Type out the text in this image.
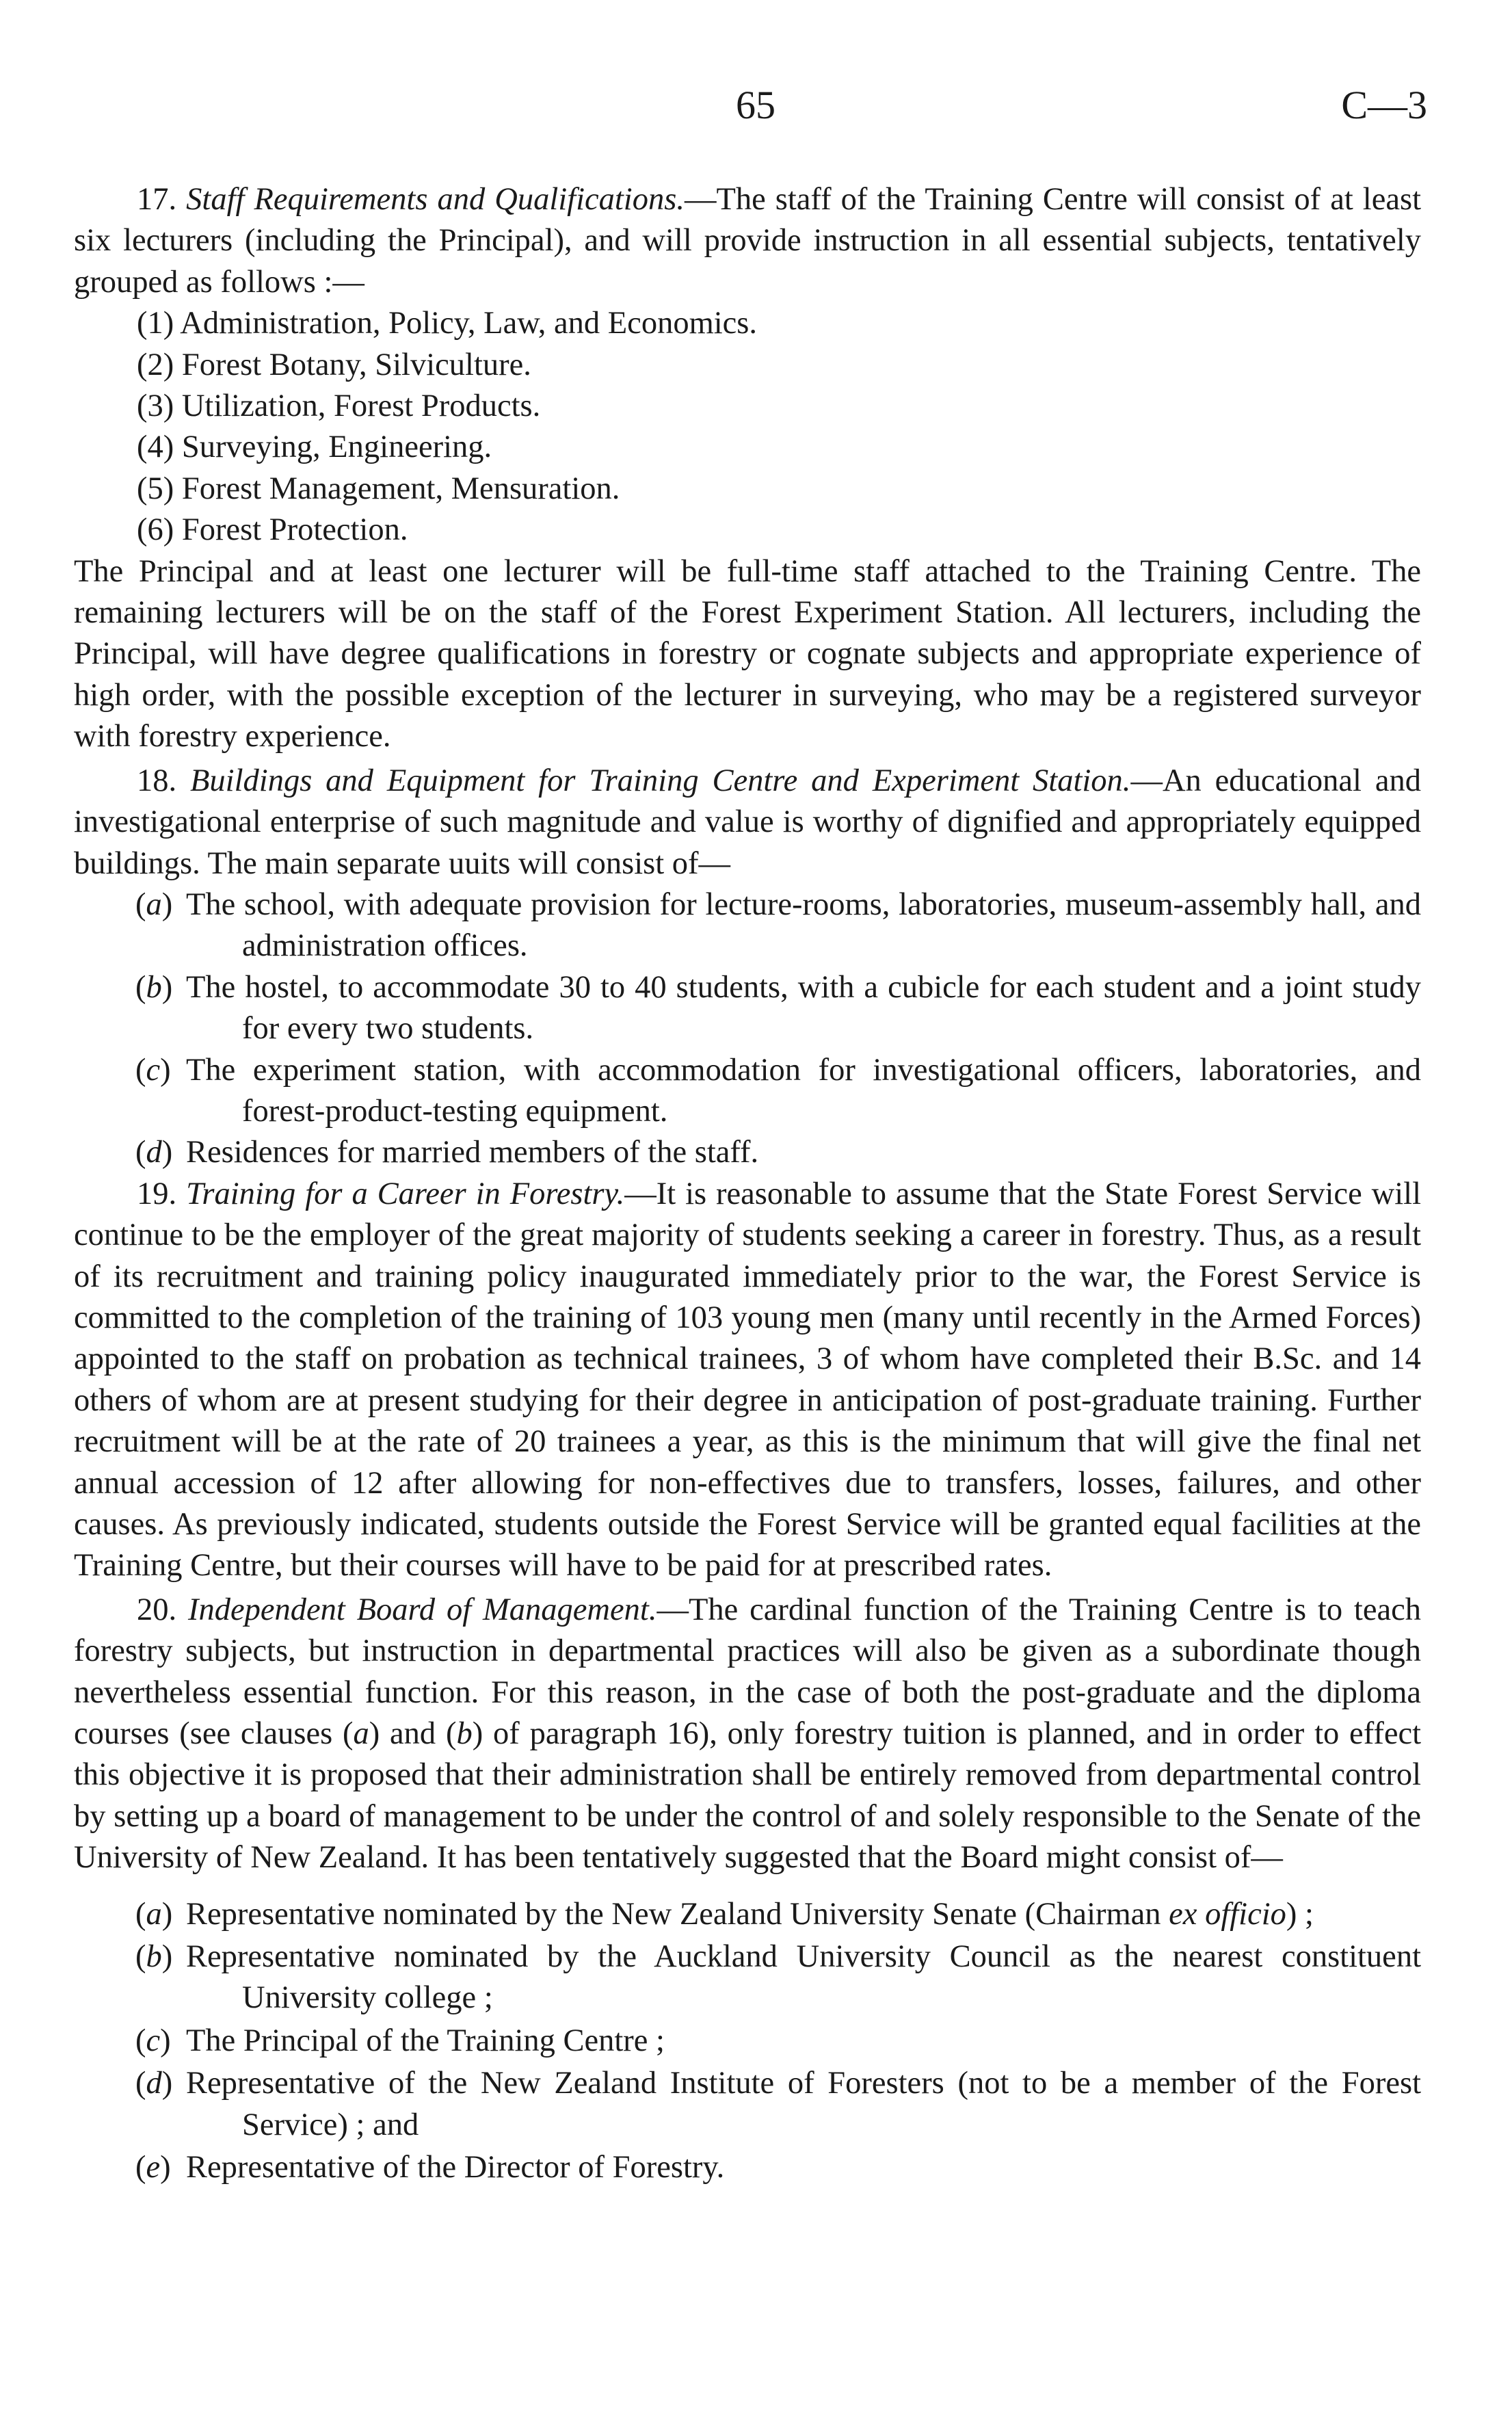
65	C—3

17. Staff Requirements and Qualifications.—The staff of the Training Centre will consist of at least six lecturers (including the Principal), and will provide instruction in all essential subjects, tentatively grouped as follows :—

(1) Administration, Policy, Law, and Economics.
(2) Forest Botany, Silviculture.
(3) Utilization, Forest Products.
(4) Surveying, Engineering.
(5) Forest Management, Mensuration.
(6) Forest Protection.

The Principal and at least one lecturer will be full-time staff attached to the Training Centre. The remaining lecturers will be on the staff of the Forest Experiment Station. All lecturers, including the Principal, will have degree qualifications in forestry or cognate subjects and appropriate experience of high order, with the possible exception of the lecturer in surveying, who may be a registered surveyor with forestry experience.

18. Buildings and Equipment for Training Centre and Experiment Station.—An educational and investigational enterprise of such magnitude and value is worthy of dignified and appropriately equipped buildings. The main separate uuits will consist of—

(a) The school, with adequate provision for lecture-rooms, laboratories, museum-assembly hall, and administration offices.
(b) The hostel, to accommodate 30 to 40 students, with a cubicle for each student and a joint study for every two students.
(c) The experiment station, with accommodation for investigational officers, laboratories, and forest-product-testing equipment.
(d) Residences for married members of the staff.

19. Training for a Career in Forestry.—It is reasonable to assume that the State Forest Service will continue to be the employer of the great majority of students seeking a career in forestry. Thus, as a result of its recruitment and training policy inaugurated immediately prior to the war, the Forest Service is committed to the completion of the training of 103 young men (many until recently in the Armed Forces) appointed to the staff on probation as technical trainees, 3 of whom have completed their B.Sc. and 14 others of whom are at present studying for their degree in anticipation of post-graduate training. Further recruitment will be at the rate of 20 trainees a year, as this is the minimum that will give the final net annual accession of 12 after allowing for non-effectives due to transfers, losses, failures, and other causes. As previously indicated, students outside the Forest Service will be granted equal facilities at the Training Centre, but their courses will have to be paid for at prescribed rates.

20. Independent Board of Management.—The cardinal function of the Training Centre is to teach forestry subjects, but instruction in departmental practices will also be given as a subordinate though nevertheless essential function. For this reason, in the case of both the post-graduate and the diploma courses (see clauses (a) and (b) of paragraph 16), only forestry tuition is planned, and in order to effect this objective it is proposed that their administration shall be entirely removed from departmental control by setting up a board of management to be under the control of and solely responsible to the Senate of the University of New Zealand. It has been tentatively suggested that the Board might consist of—

(a) Representative nominated by the New Zealand University Senate (Chairman ex officio) ;
(b) Representative nominated by the Auckland University Council as the nearest constituent University college ;
(c) The Principal of the Training Centre ;
(d) Representative of the New Zealand Institute of Foresters (not to be a member of the Forest Service) ; and
(e) Representative of the Director of Forestry.
